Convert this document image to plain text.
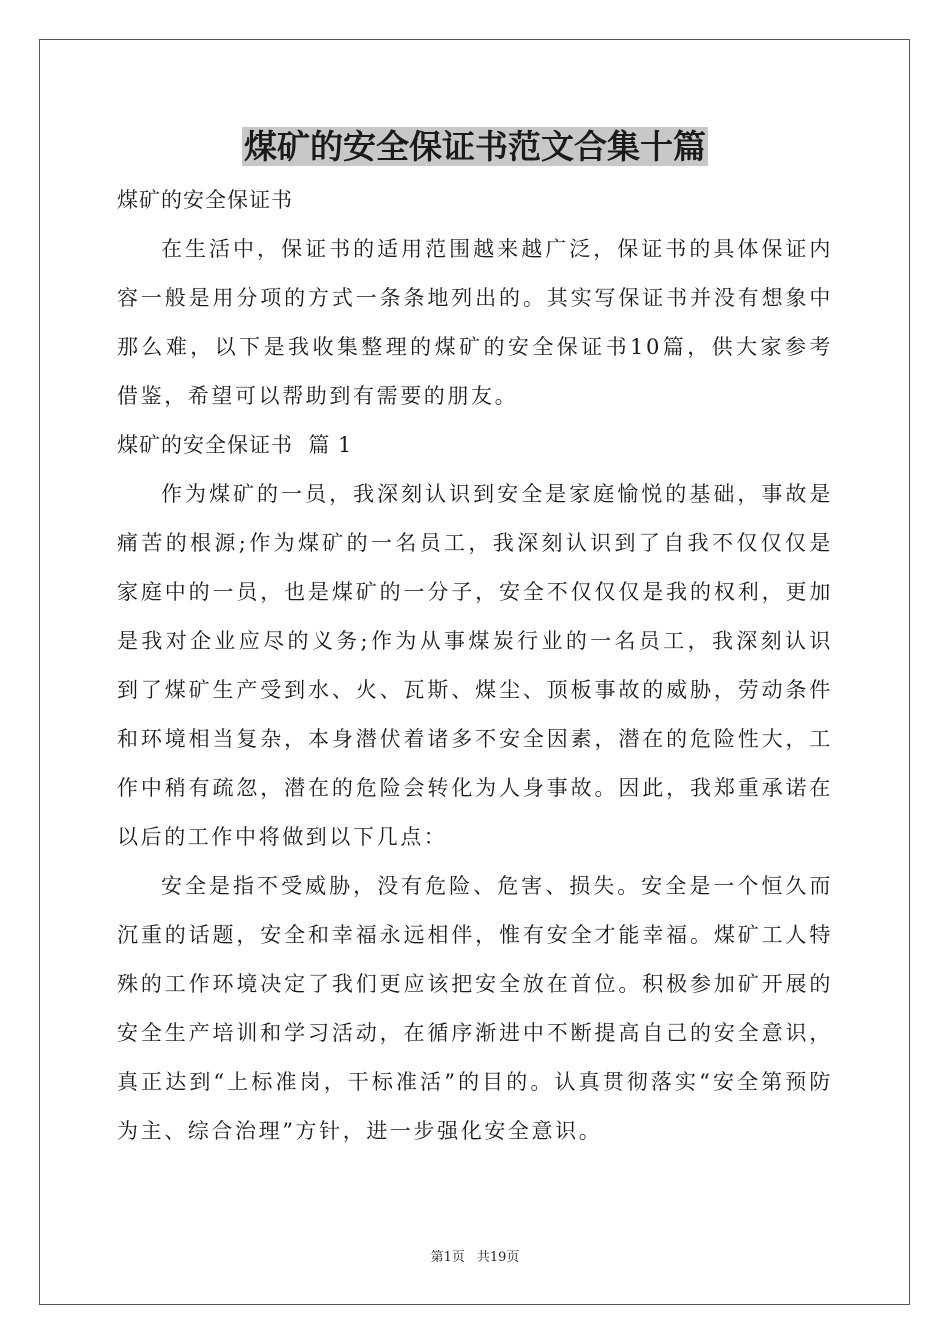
煤矿的安全保证书范文合集十篇

煤矿的安全保证书

在生活中，保证书的适用范围越来越广泛，保证书的具体保证内容一般是用分项的方式一条条地列出的。其实写保证书并没有想象中那么难，以下是我收集整理的煤矿的安全保证书10篇，供大家参考借鉴，希望可以帮助到有需要的朋友。

煤矿的安全保证书  篇 1

作为煤矿的一员，我深刻认识到安全是家庭愉悦的基础，事故是痛苦的根源;作为煤矿的一名员工，我深刻认识到了自我不仅仅仅是家庭中的一员，也是煤矿的一分子，安全不仅仅仅是我的权利，更加是我对企业应尽的义务;作为从事煤炭行业的一名员工，我深刻认识到了煤矿生产受到水、火、瓦斯、煤尘、顶板事故的威胁，劳动条件和环境相当复杂，本身潜伏着诸多不安全因素，潜在的危险性大，工作中稍有疏忽，潜在的危险会转化为人身事故。因此，我郑重承诺在以后的工作中将做到以下几点：

安全是指不受威胁，没有危险、危害、损失。安全是一个恒久而沉重的话题，安全和幸福永远相伴，惟有安全才能幸福。煤矿工人特殊的工作环境决定了我们更应该把安全放在首位。积极参加矿开展的安全生产培训和学习活动，在循序渐进中不断提高自己的安全意识，真正达到“上标准岗，干标准活”的目的。认真贯彻落实“安全第预防为主、综合治理”方针，进一步强化安全意识。

第1页 共19页
